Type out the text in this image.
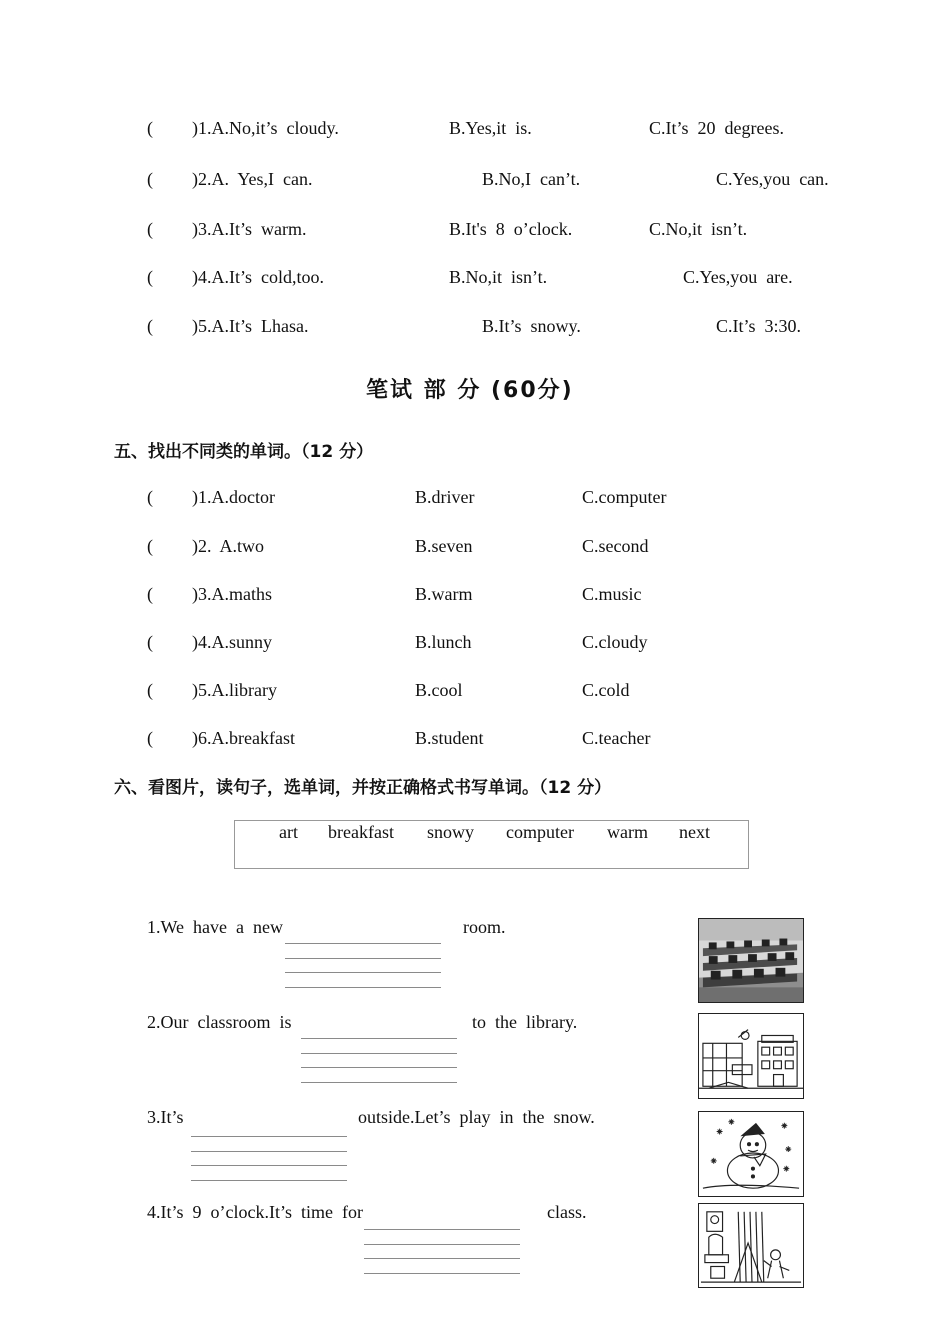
( )1.A.No,it’s  cloudy.	B.Yes,it  is.	C.It’s  20  degrees.
( )2.A.  Yes,I  can.	B.No,I  can’t.	C.Yes,you  can.
( )3.A.It’s  warm.	B.It's  8  o’clock.	C.No,it  isn’t.
( )4.A.It’s  cold,too.	B.No,it  isn’t.	C.Yes,you  are.
( )5.A.It’s  Lhasa.	B.It’s  snowy.	C.It’s  3:30.
笔试 部 分 (60分)
五、找出不同类的单词。（12 分）
( )1.A.doctor	B.driver	C.computer
( )2.  A.two	B.seven	C.second
( )3.A.maths	B.warm	C.music
( )4.A.sunny	B.lunch	C.cloudy
( )5.A.library	B.cool	C.cold
( )6.A.breakfast	B.student	C.teacher
六、看图片，读句子，选单词，并按正确格式书写单词。（12 分）
art breakfast snowy computer warm next
1.We  have  a  new	room.
2.Our  classroom  is	to  the  library.
3.It’s	outside.Let’s  play  in  the  snow.
4.It’s  9  o’clock.It’s  time  for	class.
